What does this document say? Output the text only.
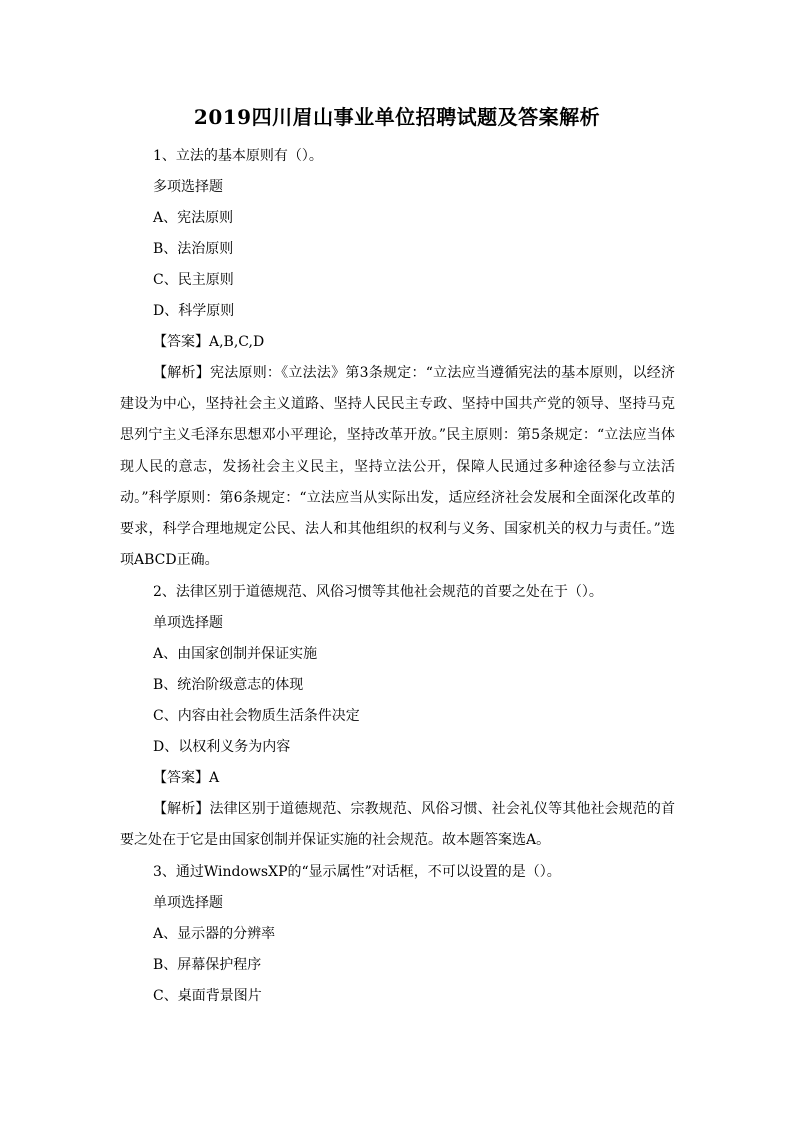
2019四川眉山事业单位招聘试题及答案解析
1、立法的基本原则有（）。
多项选择题
A、宪法原则
B、法治原则
C、民主原则
D、科学原则
【答案】A,B,C,D
【解析】宪法原则：《立法法》第3条规定：“立法应当遵循宪法的基本原则，以经济建设为中心，坚持社会主义道路、坚持人民民主专政、坚持中国共产党的领导、坚持马克思列宁主义毛泽东思想邓小平理论，坚持改革开放。”民主原则：第5条规定：“立法应当体现人民的意志，发扬社会主义民主，坚持立法公开，保障人民通过多种途径参与立法活动。”科学原则：第6条规定：“立法应当从实际出发，适应经济社会发展和全面深化改革的要求，科学合理地规定公民、法人和其他组织的权利与义务、国家机关的权力与责任。”选项ABCD正确。
2、法律区别于道德规范、风俗习惯等其他社会规范的首要之处在于（）。
单项选择题
A、由国家创制并保证实施
B、统治阶级意志的体现
C、内容由社会物质生活条件决定
D、以权利义务为内容
【答案】A
【解析】法律区别于道德规范、宗教规范、风俗习惯、社会礼仪等其他社会规范的首要之处在于它是由国家创制并保证实施的社会规范。故本题答案选A。
3、通过WindowsXP的“显示属性”对话框，不可以设置的是（）。
单项选择题
A、显示器的分辨率
B、屏幕保护程序
C、桌面背景图片
